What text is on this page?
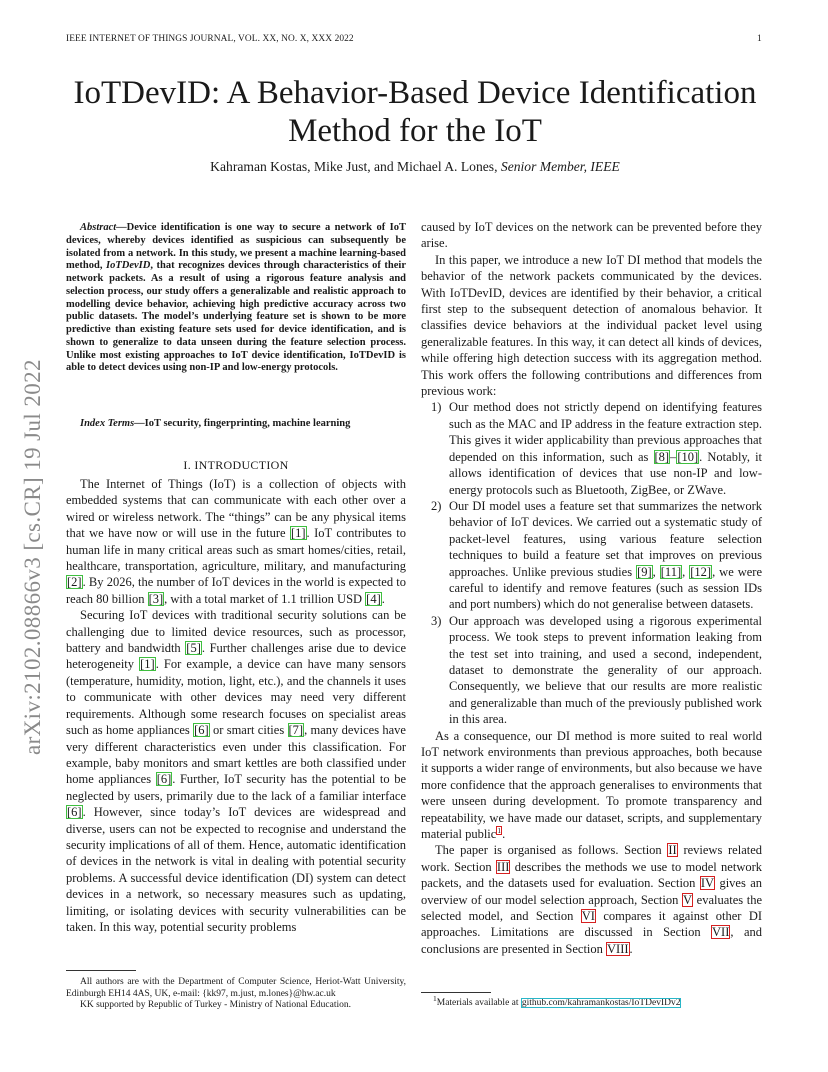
IEEE INTERNET OF THINGS JOURNAL, VOL. XX, NO. X, XXX 2022	1
IoTDevID: A Behavior-Based Device Identification
Method for the IoT
Kahraman Kostas, Mike Just, and Michael A. Lones, Senior Member, IEEE
arXiv:2102.08866v3 [cs.CR] 19 Jul 2022

Abstract—Device identification is one way to secure a network of IoT devices, whereby devices identified as suspicious can subsequently be isolated from a network. In this study, we present a machine learning-based method, IoTDevID, that recognizes devices through characteristics of their network packets. As a result of using a rigorous feature analysis and selection process, our study offers a generalizable and realistic approach to modelling device behavior, achieving high predictive accuracy across two public datasets. The model’s underlying feature set is shown to be more predictive than existing feature sets used for device identification, and is shown to generalize to data unseen during the feature selection process. Unlike most existing approaches to IoT device identification, IoTDevID is able to detect devices using non-IP and low-energy protocols.

Index Terms—IoT security, fingerprinting, machine learning
I. INTRODUCTION

The Internet of Things (IoT) is a collection of objects with embedded systems that can communicate with each other over a wired or wireless network. The “things” can be any physical items that we have now or will use in the future [1]. IoT contributes to human life in many critical areas such as smart homes/cities, retail, healthcare, transportation, agriculture, military, and manufacturing [2]. By 2026, the number of IoT devices in the world is expected to reach 80 billion [3], with a total market of 1.1 trillion USD [4].

Securing IoT devices with traditional security solutions can be challenging due to limited device resources, such as processor, battery and bandwidth [5]. Further challenges arise due to device heterogeneity [1]. For example, a device can have many sensors (temperature, humidity, motion, light, etc.), and the channels it uses to communicate with other devices may need very different requirements. Although some research focuses on specialist areas such as home appliances [6] or smart cities [7], many devices have very different characteristics even under this classification. For example, baby monitors and smart kettles are both classified under home appliances [6]. Further, IoT security has the potential to be neglected by users, primarily due to the lack of a familiar interface [6]. However, since today’s IoT devices are widespread and diverse, users can not be expected to recognise and understand the security implications of all of them. Hence, automatic identification of devices in the network is vital in dealing with potential security problems. A successful device identification (DI) system can detect devices in a network, so necessary measures such as updating, limiting, or isolating devices with security vulnerabilities can be taken. In this way, potential security problems

All authors are with the Department of Computer Science, Heriot-Watt University, Edinburgh EH14 4AS, UK, e-mail: {kk97, m.just, m.lones}@hw.ac.uk

KK supported by Republic of Turkey - Ministry of National Education.

caused by IoT devices on the network can be prevented before they arise.

In this paper, we introduce a new IoT DI method that models the behavior of the network packets communicated by the devices. With IoTDevID, devices are identified by their behavior, a critical first step to the subsequent detection of anomalous behavior. It classifies device behaviors at the individual packet level using generalizable features. In this way, it can detect all kinds of devices, while offering high detection success with its aggregation method. This work offers the following contributions and differences from previous work:

1) Our method does not strictly depend on identifying features such as the MAC and IP address in the feature extraction step. This gives it wider applicability than previous approaches that depended on this information, such as [8]–[10]. Notably, it allows identification of devices that use non-IP and low-energy protocols such as Bluetooth, ZigBee, or ZWave.
2) Our DI model uses a feature set that summarizes the network behavior of IoT devices. We carried out a systematic study of packet-level features, using various feature selection techniques to build a feature set that improves on previous approaches. Unlike previous studies [9], [11], [12], we were careful to identify and remove features (such as session IDs and port numbers) which do not generalise between datasets.
3) Our approach was developed using a rigorous experimental process. We took steps to prevent information leaking from the test set into training, and used a second, independent, dataset to demonstrate the generality of our approach. Consequently, we believe that our results are more realistic and generalizable than much of the previously published work in this area.

As a consequence, our DI method is more suited to real world IoT network environments than previous approaches, both because it supports a wider range of environments, but also because we have more confidence that the approach generalises to environments that were unseen during development. To promote transparency and repeatability, we have made our dataset, scripts, and supplementary material public$^1$.

The paper is organised as follows. Section II reviews related work. Section III describes the methods we use to model network packets, and the datasets used for evaluation. Section IV gives an overview of our model selection approach, Section V evaluates the selected model, and Section VI compares it against other DI approaches. Limitations are discussed in Section VII, and conclusions are presented in Section VIII.

$^1$Materials available at github.com/kahramankostas/IoTDevIDv2
